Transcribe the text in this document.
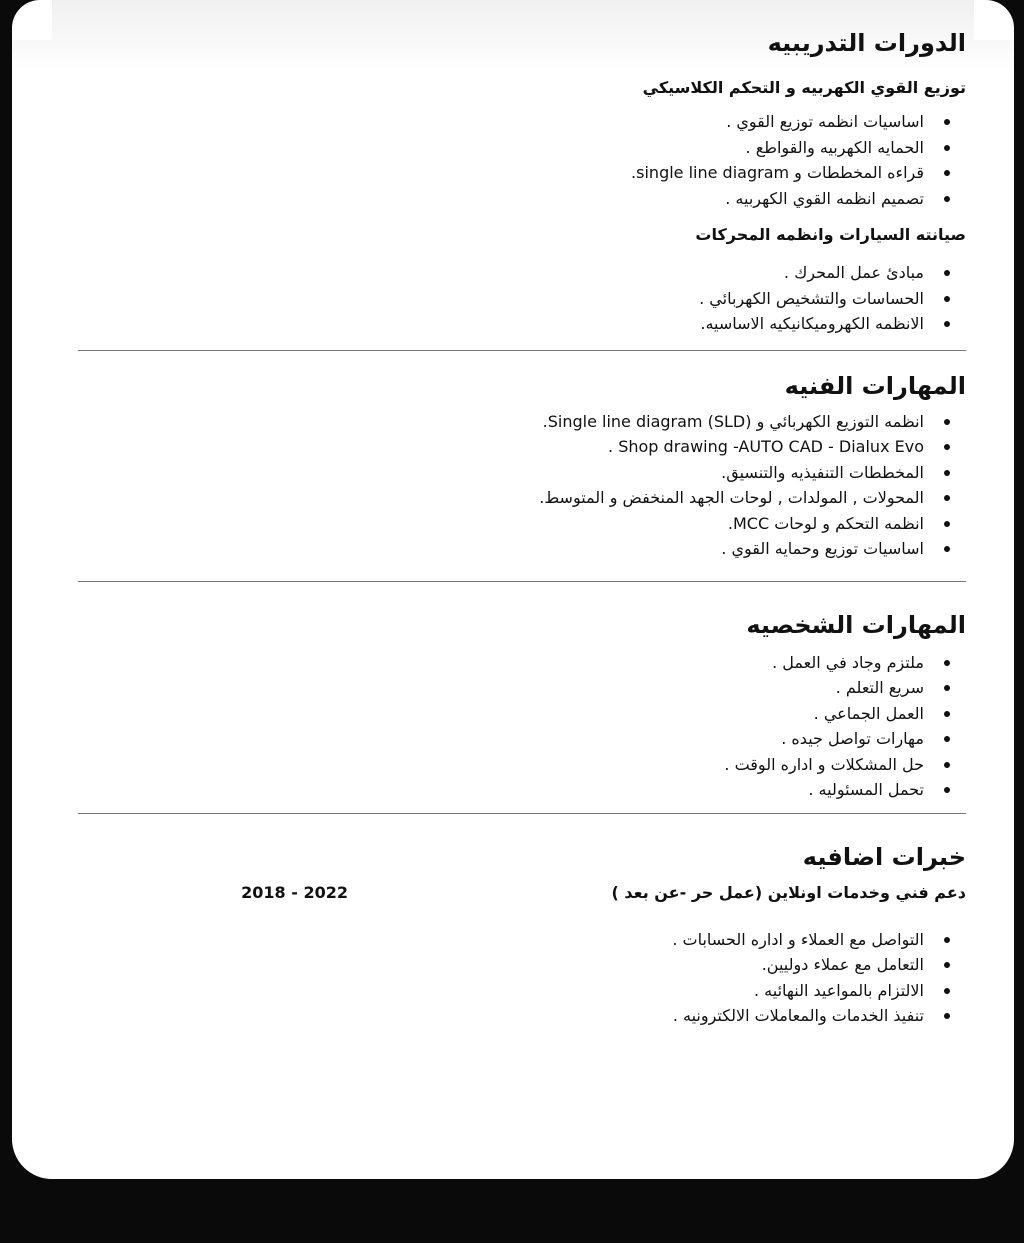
الدورات التدريبيه
توزيع القوي الكهربيه و التحكم الكلاسيكي
اساسيات انظمه توزيع القوي .
الحمايه الكهربيه والقواطع .
قراءه المخططات و single line diagram.
تصميم انظمه القوي الكهربيه .
صيانته السيارات وانظمه المحركات
مبادئ عمل المحرك .
الحساسات والتشخيص الكهربائي .
الانظمه الكهروميكانيكيه الاساسيه.
المهارات الفنيه
انظمه التوزيع الكهربائي و Single line diagram (SLD).
. Shop drawing -AUTO CAD - Dialux Evo
المخططات التنفيذيه والتنسيق.
المحولات , المولدات , لوحات الجهد المنخفض و المتوسط.
انظمه التحكم و لوحات MCC.
اساسيات توزيع وحمايه القوي .
المهارات الشخصيه
ملتزم وجاد في العمل .
سريع التعلم .
العمل الجماعي .
مهارات تواصل جيده .
حل المشكلات و اداره الوقت .
تحمل المسئوليه .
خبرات اضافيه
دعم فني وخدمات اونلاين (عمل حر -عن بعد )
2018 - 2022
التواصل مع العملاء و اداره الحسابات .
التعامل مع عملاء دوليين.
الالتزام بالمواعيد النهائيه .
تنفيذ الخدمات والمعاملات الالكترونيه .
